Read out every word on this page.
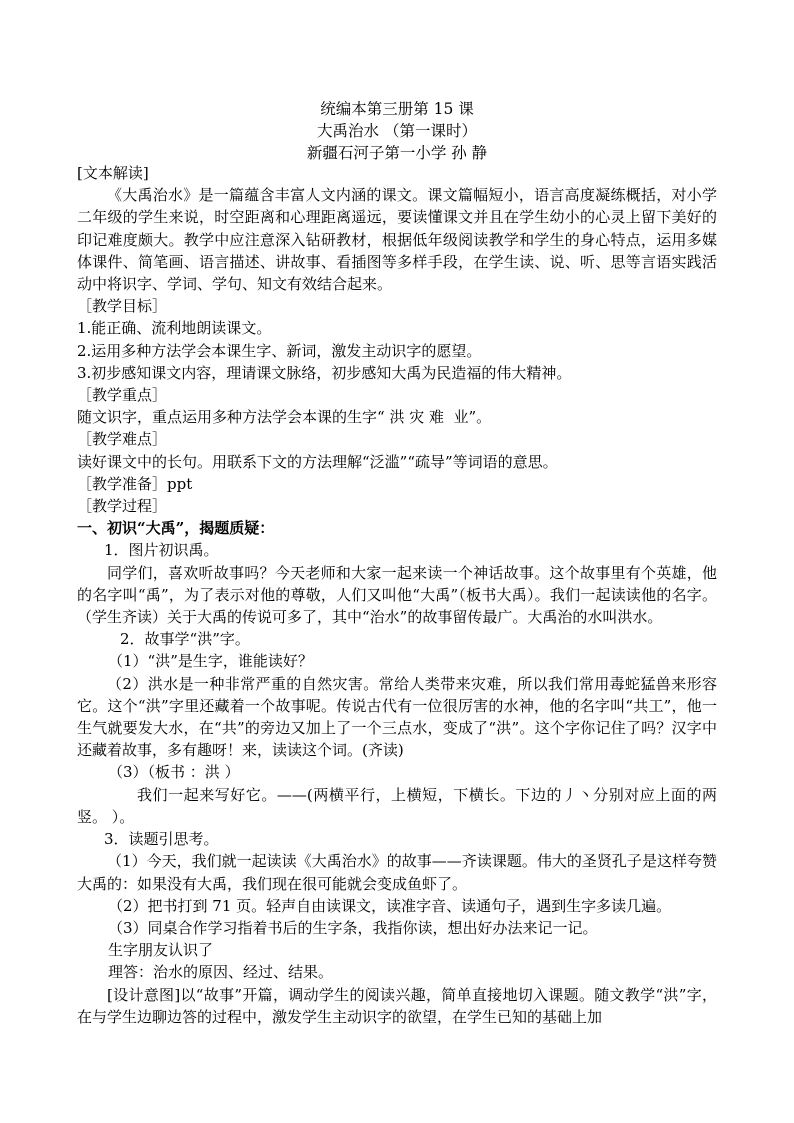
统编本第三册第 15 课
大禹治水 （第一课时）
新疆石河子第一小学 孙 静

[文本解读]

《大禹治水》是一篇蕴含丰富人文内涵的课文。课文篇幅短小，语言高度凝练概括，对小学二年级的学生来说，时空距离和心理距离遥远，要读懂课文并且在学生幼小的心灵上留下美好的印记难度颇大。教学中应注意深入钻研教材，根据低年级阅读教学和学生的身心特点，运用多媒体课件、简笔画、语言描述、讲故事、看插图等多样手段，在学生读、说、听、思等言语实践活动中将识字、学词、学句、知文有效结合起来。

［教学目标］

1.能正确、流利地朗读课文。

2.运用多种方法学会本课生字、新词，激发主动识字的愿望。

3.初步感知课文内容，理请课文脉络，初步感知大禹为民造福的伟大精神。

［教学重点］

随文识字，重点运用多种方法学会本课的生字“ 洪 灾 难  业”。

［教学难点］

读好课文中的长句。用联系下文的方法理解“泛滥”“疏导”等词语的意思。

［教学准备］ppt

［教学过程］

一、初识“大禹”，揭题质疑：

1．图片初识禹。

同学们，喜欢听故事吗？今天老师和大家一起来读一个神话故事。这个故事里有个英雄，他的名字叫“禹”，为了表示对他的尊敬，人们又叫他“大禹”（板书大禹）。我们一起读读他的名字。（学生齐读）关于大禹的传说可多了，其中“治水”的故事留传最广。大禹治的水叫洪水。

2．故事学“洪”字。

（1）“洪”是生字，谁能读好？

（2）洪水是一种非常严重的自然灾害。常给人类带来灾难，所以我们常用毒蛇猛兽来形容它。这个“洪”字里还藏着一个故事呢。传说古代有一位很厉害的水神，他的名字叫“共工”，他一生气就要发大水，在“共”的旁边又加上了一个三点水，变成了“洪”。这个字你记住了吗？汉字中还藏着故事，多有趣呀！来，读读这个词。(齐读)

（3）（板书 ：洪 ）

我们一起来写好它。——(两横平行，上横短，下横长。下边的丿丶分别对应上面的两竖。 ）。

3．读题引思考。

（1）今天，我们就一起读读《大禹治水》的故事——齐读课题。伟大的圣贤孔子是这样夸赞大禹的：如果没有大禹，我们现在很可能就会变成鱼虾了。

（2）把书打到 71 页。轻声自由读课文，读准字音、读通句子，遇到生字多读几遍。

（3）同桌合作学习指着书后的生字条，我指你读，想出好办法来记一记。

生字朋友认识了

理答：治水的原因、经过、结果。

[设计意图]以“故事”开篇，调动学生的阅读兴趣，简单直接地切入课题。随文教学“洪”字，在与学生边聊边答的过程中，激发学生主动识字的欲望，在学生已知的基础上加
